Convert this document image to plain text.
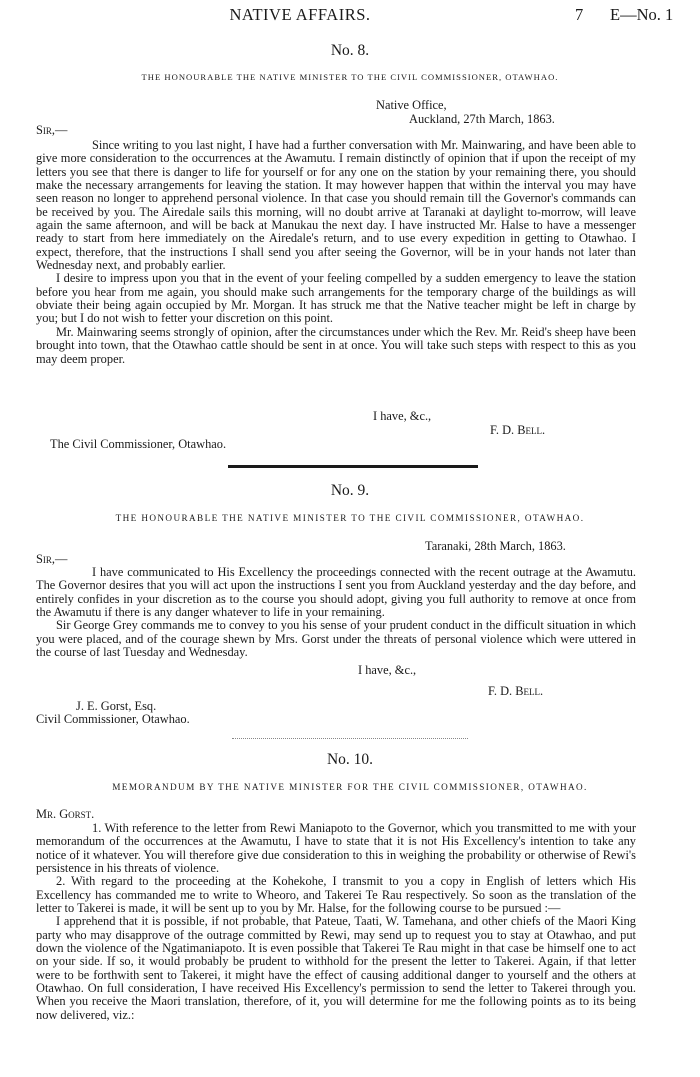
NATIVE AFFAIRS.	7 E—No. 1
No. 8.
THE HONOURABLE THE NATIVE MINISTER TO THE CIVIL COMMISSIONER, OTAWHAO.
Native Office,
Auckland, 27th March, 1863.
Sir,—

Since writing to you last night, I have had a further conversation with Mr. Mainwaring, and have been able to give more consideration to the occurrences at the Awamutu. I remain distinctly of opinion that if upon the receipt of my letters you see that there is danger to life for yourself or for any one on the station by your remaining there, you should make the necessary arrangements for leaving the station. It may however happen that within the interval you may have seen reason no longer to apprehend personal violence. In that case you should remain till the Governor's commands can be received by you. The Airedale sails this morning, will no doubt arrive at Taranaki at daylight to-morrow, will leave again the same afternoon, and will be back at Manukau the next day. I have instructed Mr. Halse to have a messenger ready to start from here immediately on the Airedale's return, and to use every expedition in getting to Otawhao. I expect, therefore, that the instructions I shall send you after seeing the Governor, will be in your hands not later than Wednesday next, and probably earlier.

I desire to impress upon you that in the event of your feeling compelled by a sudden emergency to leave the station before you hear from me again, you should make such arrangements for the temporary charge of the buildings as will obviate their being again occupied by Mr. Morgan. It has struck me that the Native teacher might be left in charge by you; but I do not wish to fetter your discretion on this point.

Mr. Mainwaring seems strongly of opinion, after the circumstances under which the Rev. Mr. Reid's sheep have been brought into town, that the Otawhao cattle should be sent in at once. You will take such steps with respect to this as you may deem proper.

I have, &c.,
F. D. Bell.
The Civil Commissioner, Otawhao.
No. 9.
THE HONOURABLE THE NATIVE MINISTER TO THE CIVIL COMMISSIONER, OTAWHAO.
Taranaki, 28th March, 1863.
Sir,—

I have communicated to His Excellency the proceedings connected with the recent outrage at the Awamutu. The Governor desires that you will act upon the instructions I sent you from Auckland yesterday and the day before, and entirely confides in your discretion as to the course you should adopt, giving you full authority to remove at once from the Awamutu if there is any danger whatever to life in your remaining.

Sir George Grey commands me to convey to you his sense of your prudent conduct in the difficult situation in which you were placed, and of the courage shewn by Mrs. Gorst under the threats of personal violence which were uttered in the course of last Tuesday and Wednesday.

I have, &c.,
F. D. Bell.
J. E. Gorst, Esq.
Civil Commissioner, Otawhao.
No. 10.
MEMORANDUM BY THE NATIVE MINISTER FOR THE CIVIL COMMISSIONER, OTAWHAO.
Mr. Gorst.

1. With reference to the letter from Rewi Maniapoto to the Governor, which you transmitted to me with your memorandum of the occurrences at the Awamutu, I have to state that it is not His Excellency's intention to take any notice of it whatever. You will therefore give due consideration to this in weighing the probability or otherwise of Rewi's persistence in his threats of violence.

2. With regard to the proceeding at the Kohekohe, I transmit to you a copy in English of letters which His Excellency has commanded me to write to Wheoro, and Takerei Te Rau respectively. So soon as the translation of the letter to Takerei is made, it will be sent up to you by Mr. Halse, for the following course to be pursued :—

I apprehend that it is possible, if not probable, that Pateue, Taati, W. Tamehana, and other chiefs of the Maori King party who may disapprove of the outrage committed by Rewi, may send up to request you to stay at Otawhao, and put down the violence of the Ngatimaniapoto. It is even possible that Takerei Te Rau might in that case be himself one to act on your side. If so, it would probably be prudent to withhold for the present the letter to Takerei. Again, if that letter were to be forthwith sent to Takerei, it might have the effect of causing additional danger to yourself and the others at Otawhao. On full consideration, I have received His Excellency's permission to send the letter to Takerei through you. When you receive the Maori translation, therefore, of it, you will determine for me the following points as to its being now delivered, viz.:
